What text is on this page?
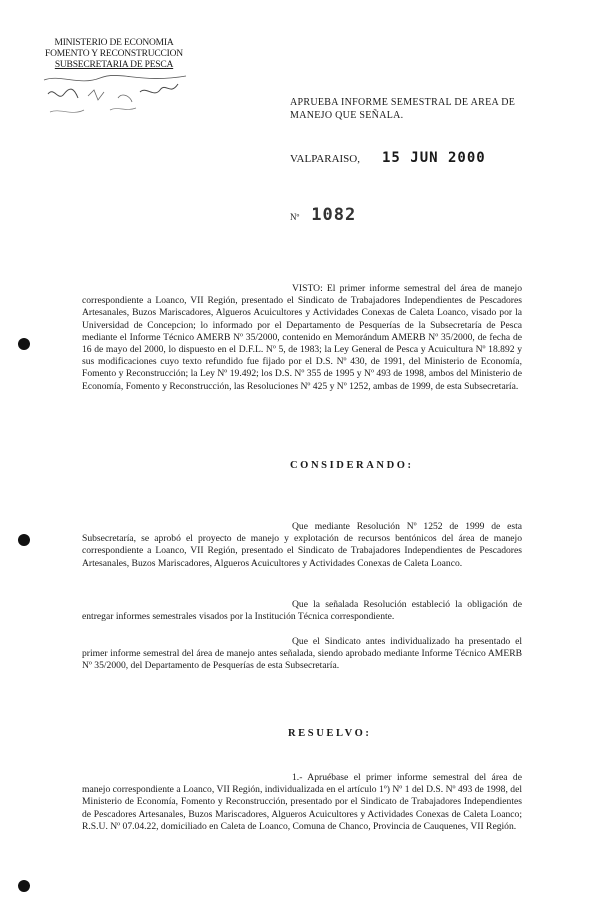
MINISTERIO DE ECONOMIA
FOMENTO Y RECONSTRUCCION
SUBSECRETARIA DE PESCA
APRUEBA INFORME SEMESTRAL DE AREA DE MANEJO QUE SEÑALA.
VALPARAISO, 15 JUN 2000
Nº 1082
VISTO: El primer informe semestral del área de manejo correspondiente a Loanco, VII Región, presentado el Sindicato de Trabajadores Independientes de Pescadores Artesanales, Buzos Mariscadores, Algueros Acuicultores y Actividades Conexas de Caleta Loanco, visado por la Universidad de Concepcion; lo informado por el Departamento de Pesquerías de la Subsecretaría de Pesca mediante el Informe Técnico AMERB Nº 35/2000, contenido en Memorándum AMERB Nº 35/2000, de fecha de 16 de mayo del 2000, lo dispuesto en el D.F.L. Nº 5, de 1983; la Ley General de Pesca y Acuicultura Nº 18.892 y sus modificaciones cuyo texto refundido fue fijado por el D.S. Nº 430, de 1991, del Ministerio de Economía, Fomento y Reconstrucción; la Ley Nº 19.492; los D.S. Nº 355 de 1995 y Nº 493 de 1998, ambos del Ministerio de Economía, Fomento y Reconstrucción, las Resoluciones Nº 425 y Nº 1252, ambas de 1999, de esta Subsecretaría.
CONSIDERANDO:
Que mediante Resolución Nº 1252 de 1999 de esta Subsecretaría, se aprobó el proyecto de manejo y explotación de recursos bentónicos del área de manejo correspondiente a Loanco, VII Región, presentado el Sindicato de Trabajadores Independientes de Pescadores Artesanales, Buzos Mariscadores, Algueros Acuicultores y Actividades Conexas de Caleta Loanco.
Que la señalada Resolución estableció la obligación de entregar informes semestrales visados por la Institución Técnica correspondiente.
Que el Sindicato antes individualizado ha presentado el primer informe semestral del área de manejo antes señalada, siendo aprobado mediante Informe Técnico AMERB Nº 35/2000, del Departamento de Pesquerías de esta Subsecretaría.
RESUELVO:
1.- Apruébase el primer informe semestral del área de manejo correspondiente a Loanco, VII Región, individualizada en el artículo 1º) Nº 1 del D.S. Nº 493 de 1998, del Ministerio de Economía, Fomento y Reconstrucción, presentado por el Sindicato de Trabajadores Independientes de Pescadores Artesanales, Buzos Mariscadores, Algueros Acuicultores y Actividades Conexas de Caleta Loanco; R.S.U. Nº 07.04.22, domiciliado en Caleta de Loanco, Comuna de Chanco, Provincia de Cauquenes, VII Región.
